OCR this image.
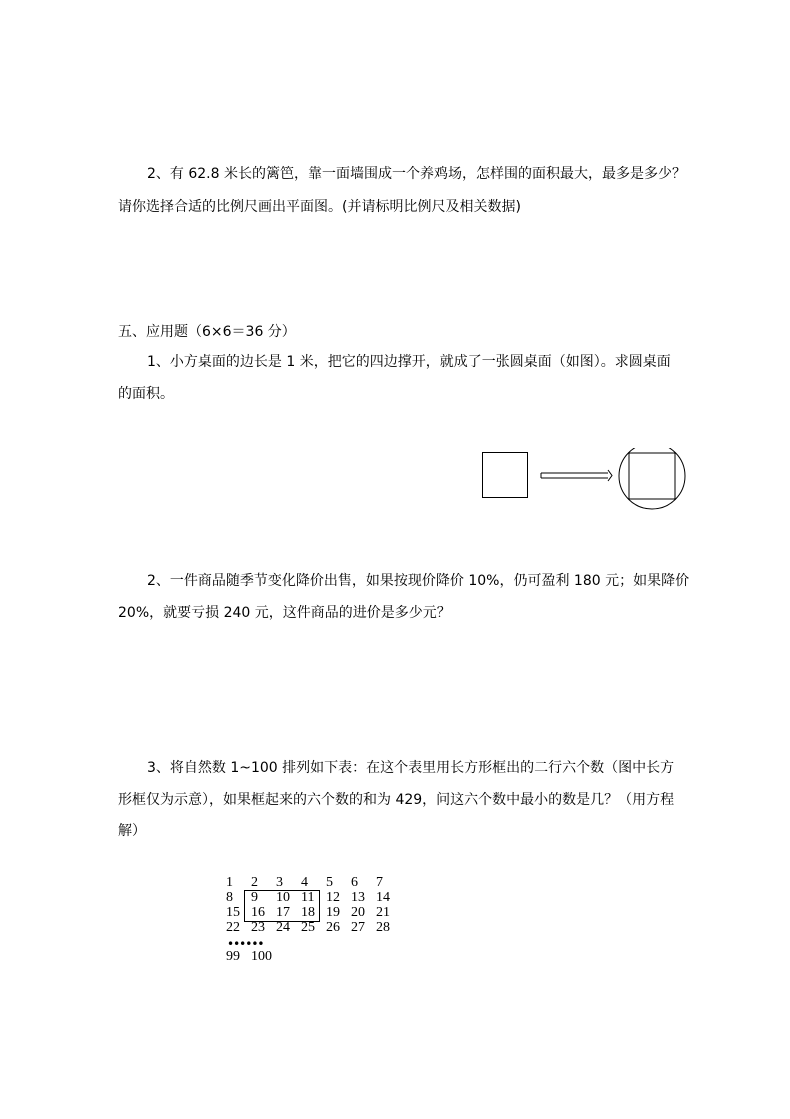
2、有 62.8 米长的篱笆，靠一面墙围成一个养鸡场，怎样围的面积最大，最多是多少？
请你选择合适的比例尺画出平面图。(并请标明比例尺及相关数据)
五、应用题（6×6＝36 分）
1、小方桌面的边长是 1 米，把它的四边撑开，就成了一张圆桌面（如图）。求圆桌面
的面积。
2、一件商品随季节变化降价出售，如果按现价降价 10%，仍可盈利 180 元；如果降价
20%，就要亏损 240 元，这件商品的进价是多少元？
3、将自然数 1~100 排列如下表：在这个表里用长方形框出的二行六个数（图中长方
形框仅为示意），如果框起来的六个数的和为 429，问这六个数中最小的数是几？（用方程
解）
1 2 3 4 5 6 7
8 9 10 11 12 13 14
15 16 17 18 19 20 21
22 23 24 25 26 27 28
••••••
99 100
